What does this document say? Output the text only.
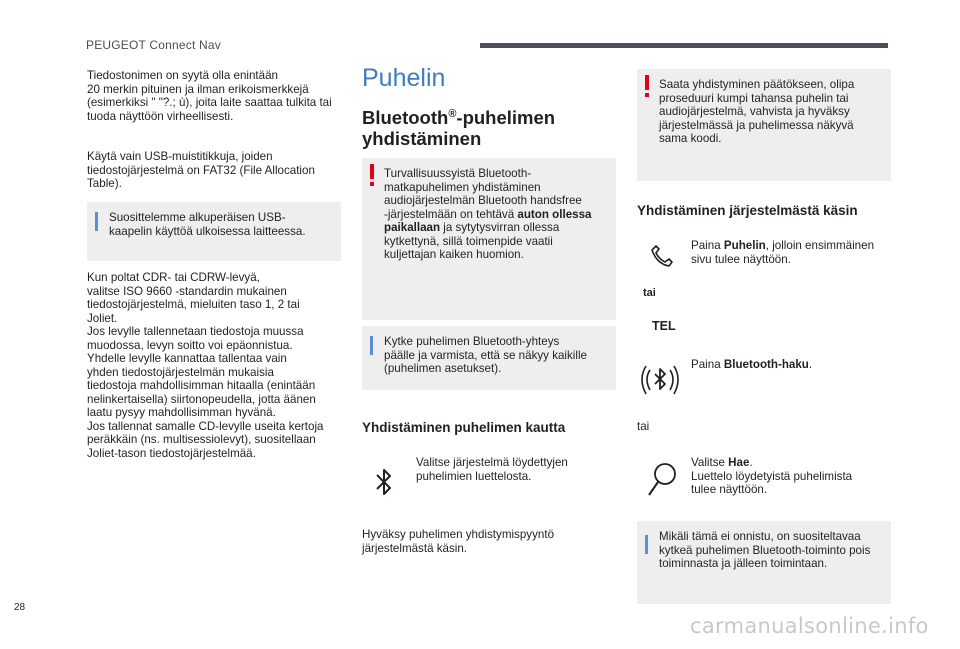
PEUGEOT Connect Nav

Tiedostonimen on syytä olla enintään
20 merkin pituinen ja ilman erikoismerkkejä
(esimerkiksi " "?.; ù), joita laite saattaa tulkita tai
tuoda näyttöön virheellisesti.

Käytä vain USB-muistitikkuja, joiden
tiedostojärjestelmä on FAT32 (File Allocation
Table).

Suosittelemme alkuperäisen USB-
kaapelin käyttöä ulkoisessa laitteessa.

Kun poltat CDR- tai CDRW-levyä,
valitse ISO 9660 -standardin mukainen
tiedostojärjestelmä, mieluiten taso 1, 2 tai
Joliet.
Jos levylle tallennetaan tiedostoja muussa
muodossa, levyn soitto voi epäonnistua.
Yhdelle levylle kannattaa tallentaa vain
yhden tiedostojärjestelmän mukaisia
tiedostoja mahdollisimman hitaalla (enintään
nelinkertaisella) siirtonopeudella, jotta äänen
laatu pysyy mahdollisimman hyvänä.
Jos tallennat samalle CD-levylle useita kertoja
peräkkäin (ns. multisessiolevyt), suositellaan
Joliet-tason tiedostojärjestelmää.

Puhelin
Bluetooth®-puhelimen
yhdistäminen
Turvallisuussyistä Bluetooth-
matkapuhelimen yhdistäminen
audiojärjestelmän Bluetooth handsfree
-järjestelmään on tehtävä auton ollessa
paikallaan ja sytytysvirran ollessa
kytkettynä, sillä toimenpide vaatii
kuljettajan kaiken huomion.
Kytke puhelimen Bluetooth-yhteys
päälle ja varmista, että se näkyy kaikille
(puhelimen asetukset).
Yhdistäminen puhelimen kautta

Valitse järjestelmä löydettyjen
puhelimien luettelosta.

Hyväksy puhelimen yhdistymispyyntö
järjestelmästä käsin.

Saata yhdistyminen päätökseen, olipa
proseduuri kumpi tahansa puhelin tai
audiojärjestelmä, vahvista ja hyväksy
järjestelmässä ja puhelimessa näkyvä
sama koodi.
Yhdistäminen järjestelmästä käsin

Paina Puhelin, jolloin ensimmäinen
sivu tulee näyttöön.

tai
TEL

Paina Bluetooth-haku.

tai

Valitse Hae.
Luettelo löydetyistä puhelimista
tulee näyttöön.

Mikäli tämä ei onnistu, on suositeltavaa
kytkeä puhelimen Bluetooth-toiminto pois
toiminnasta ja jälleen toimintaan.
28
carmanualsonline.info
